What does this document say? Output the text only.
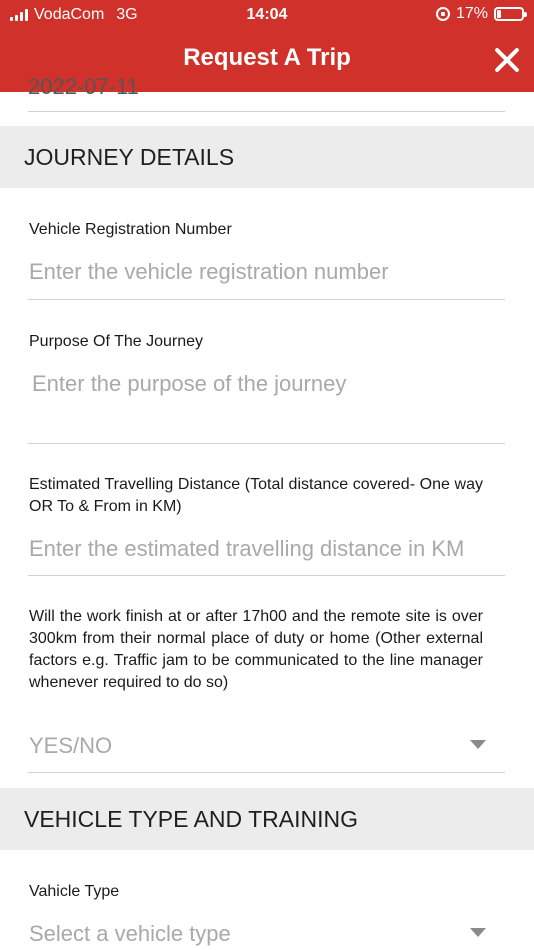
VodaCom 3G	14:04	17%
Request A Trip
2022-07-11
JOURNEY DETAILS
Vehicle Registration Number
Enter the vehicle registration number
Purpose Of The Journey
Enter the purpose of the journey
Estimated Travelling Distance (Total distance covered- One way OR To & From in KM)
Enter the estimated travelling distance in KM
Will the work finish at or after 17h00 and the remote site is over 300km from their normal place of duty or home (Other external factors e.g. Traffic jam to be communicated to the line manager whenever required to do so)
YES/NO
VEHICLE TYPE AND TRAINING
Vahicle Type
Select a vehicle type
